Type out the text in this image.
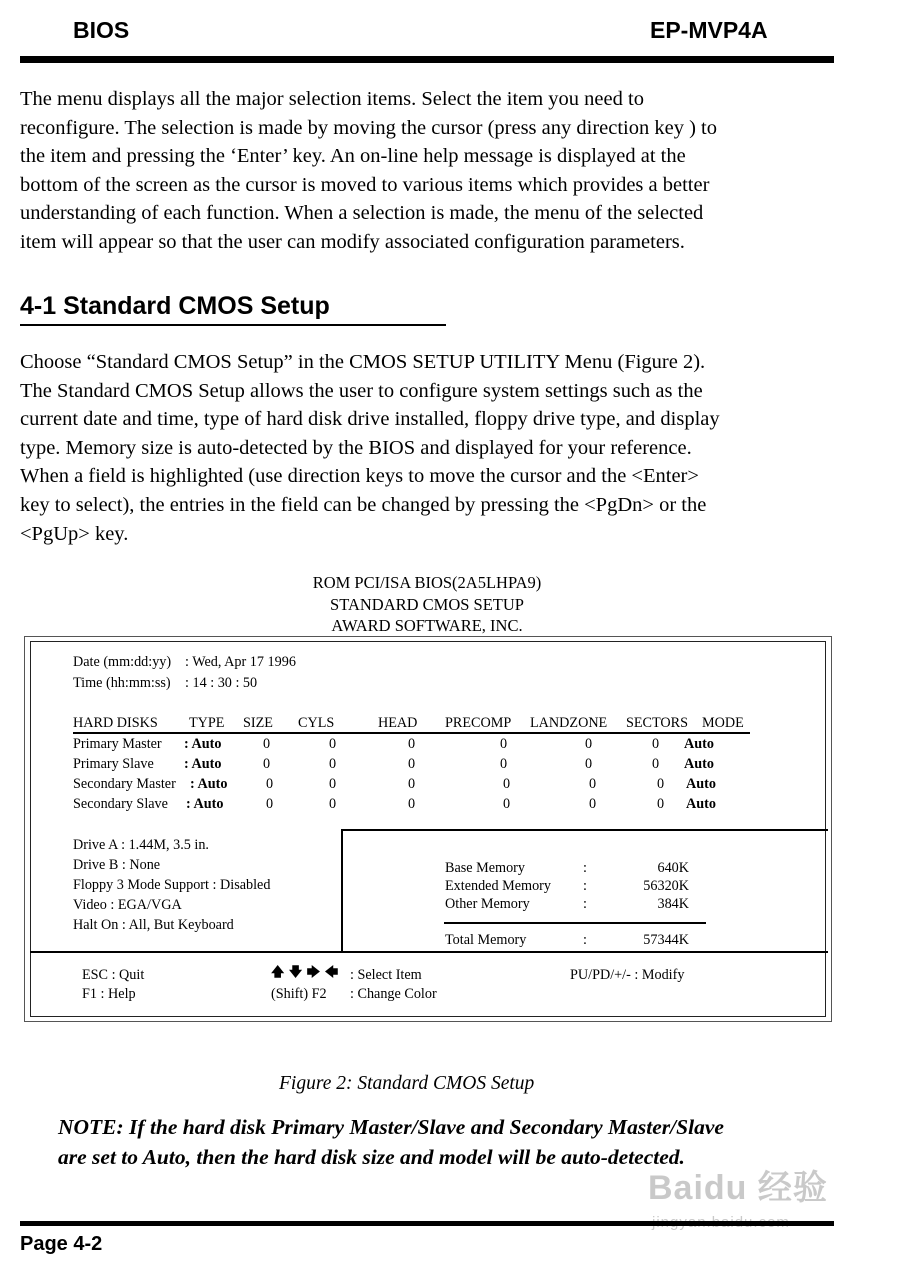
BIOS	EP-MVP4A
The menu displays all the major selection items. Select the item you need to
reconfigure. The selection is made by moving the cursor (press any direction key ) to
the item and pressing the ‘Enter’ key. An on-line help message is displayed at the
bottom of the screen as the cursor is moved to various items which provides a better
understanding of each function. When a selection is made, the menu of the selected
item will appear so that the user can modify associated configuration parameters.
4-1 Standard CMOS Setup
Choose “Standard CMOS Setup” in the CMOS SETUP UTILITY Menu (Figure 2).
The Standard CMOS Setup allows the user to configure system settings such as the
current date and time, type of hard disk drive installed, floppy drive type, and display
type. Memory size is auto-detected by the BIOS and displayed for your reference.
When a field is highlighted (use direction keys to move the cursor and the <Enter>
key to select), the entries in the field can be changed by pressing the <PgDn> or the
<PgUp> key.
ROM PCI/ISA BIOS(2A5LHPA9)
STANDARD CMOS SETUP
AWARD SOFTWARE, INC.
Date (mm:dd:yy) : Wed, Apr 17 1996
Time (hh:mm:ss) : 14 : 30 : 50
HARD DISKS TYPE SIZE CYLS	HEAD PRECOMP LANDZONE SECTORS MODE
Primary Master : Auto	0	0	0	0	0	0 Auto
Primary Slave : Auto	0	0	0	0	0	0 Auto
Secondary Master : Auto	0	0	0	0	0	0 Auto
Secondary Slave : Auto	0	0	0	0	0	0 Auto
Drive A : 1.44M, 3.5 in.
Drive B : None
Floppy 3 Mode Support : Disabled
Video : EGA/VGA
Halt On : All, But Keyboard
Base Memory	:	640K
Extended Memory :	56320K
Other Memory	:	384K
Total Memory	:	57344K
ESC : Quit
F1 : Help
🡅 🡇 🡆 🡄 : Select Item
(Shift) F2 : Change Color
PU/PD/+/- : Modify
Figure 2: Standard CMOS Setup
NOTE: If the hard disk Primary Master/Slave and Secondary Master/Slave
are set to Auto, then the hard disk size and model will be auto-detected.
Baidu 经验
Page 4-2
